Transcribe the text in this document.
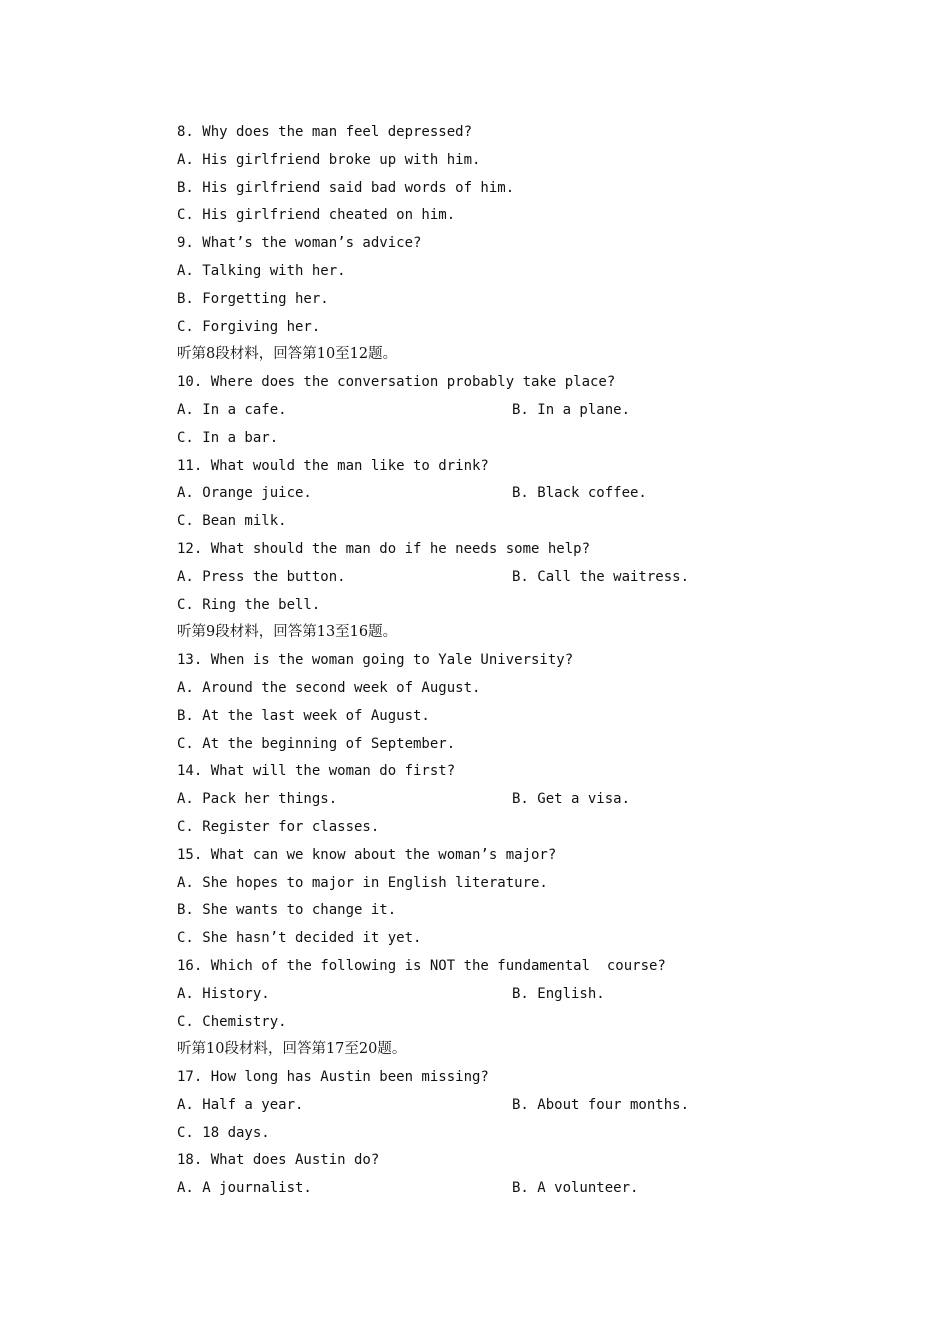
8. Why does the man feel depressed?
A. His girlfriend broke up with him.
B. His girlfriend said bad words of him.
C. His girlfriend cheated on him.
9. What’s the woman’s advice?
A. Talking with her.
B. Forgetting her.
C. Forgiving her.
听第8段材料，回答第10至12题。
10. Where does the conversation probably take place?
A. In a cafe.	B. In a plane.
C. In a bar.
11. What would the man like to drink?
A. Orange juice.	B. Black coffee.
C. Bean milk.
12. What should the man do if he needs some help?
A. Press the button.	B. Call the waitress.
C. Ring the bell.
听第9段材料，回答第13至16题。
13. When is the woman going to Yale University?
A. Around the second week of August.
B. At the last week of August.
C. At the beginning of September.
14. What will the woman do first?
A. Pack her things.	B. Get a visa.
C. Register for classes.
15. What can we know about the woman’s major?
A. She hopes to major in English literature.
B. She wants to change it.
C. She hasn’t decided it yet.
16. Which of the following is NOT the fundamental  course?
A. History.	B. English.
C. Chemistry.
听第10段材料，回答第17至20题。
17. How long has Austin been missing?
A. Half a year.	B. About four months.
C. 18 days.
18. What does Austin do?
A. A journalist.	B. A volunteer.
